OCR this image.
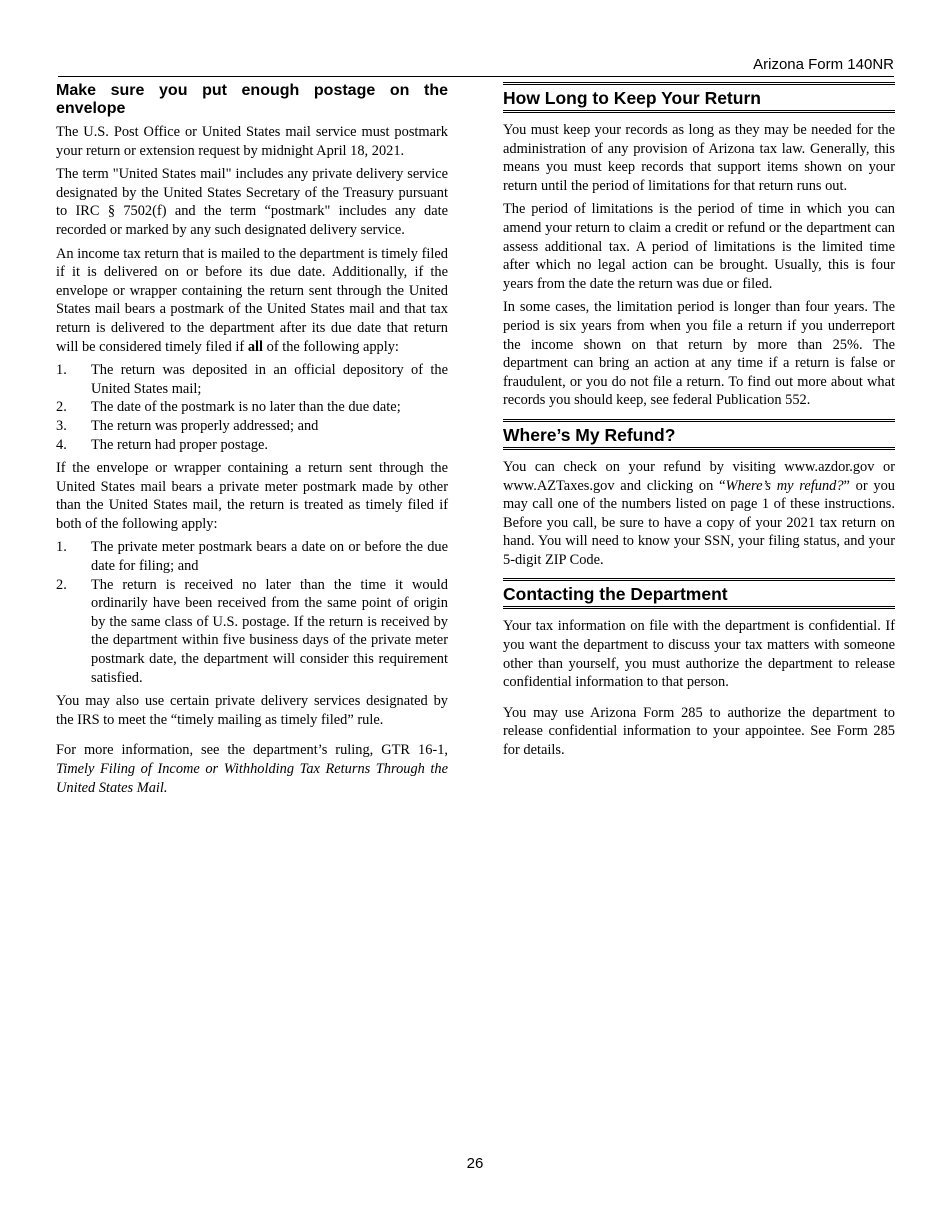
Arizona Form 140NR
Make sure you put enough postage on the envelope

The U.S. Post Office or United States mail service must postmark your return or extension request by midnight April 18, 2021.

The term "United States mail" includes any private delivery service designated by the United States Secretary of the Treasury pursuant to IRC § 7502(f) and the term “postmark" includes any date recorded or marked by any such designated delivery service.

An income tax return that is mailed to the department is timely filed if it is delivered on or before its due date. Additionally, if the envelope or wrapper containing the return sent through the United States mail bears a postmark of the United States mail and that tax return is delivered to the department after its due date that return will be considered timely filed if all of the following apply:

1. The return was deposited in an official depository of the United States mail;
2. The date of the postmark is no later than the due date;
3. The return was properly addressed; and
4. The return had proper postage.

If the envelope or wrapper containing a return sent through the United States mail bears a private meter postmark made by other than the United States mail, the return is treated as timely filed if both of the following apply:

1. The private meter postmark bears a date on or before the due date for filing; and
2. The return is received no later than the time it would ordinarily have been received from the same point of origin by the same class of U.S. postage. If the return is received by the department within five business days of the private meter postmark date, the department will consider this requirement satisfied.

You may also use certain private delivery services designated by the IRS to meet the “timely mailing as timely filed” rule.

For more information, see the department’s ruling, GTR 16-1, Timely Filing of Income or Withholding Tax Returns Through the United States Mail.

How Long to Keep Your Return

You must keep your records as long as they may be needed for the administration of any provision of Arizona tax law. Generally, this means you must keep records that support items shown on your return until the period of limitations for that return runs out.

The period of limitations is the period of time in which you can amend your return to claim a credit or refund or the department can assess additional tax. A period of limitations is the limited time after which no legal action can be brought. Usually, this is four years from the date the return was due or filed.

In some cases, the limitation period is longer than four years. The period is six years from when you file a return if you underreport the income shown on that return by more than 25%. The department can bring an action at any time if a return is false or fraudulent, or you do not file a return. To find out more about what records you should keep, see federal Publication 552.

Where’s My Refund?

You can check on your refund by visiting www.azdor.gov or www.AZTaxes.gov and clicking on “Where’s my refund?” or you may call one of the numbers listed on page 1 of these instructions. Before you call, be sure to have a copy of your 2021 tax return on hand. You will need to know your SSN, your filing status, and your 5-digit ZIP Code.

Contacting the Department

Your tax information on file with the department is confidential. If you want the department to discuss your tax matters with someone other than yourself, you must authorize the department to release confidential information to that person.

You may use Arizona Form 285 to authorize the department to release confidential information to your appointee. See Form 285 for details.

26
